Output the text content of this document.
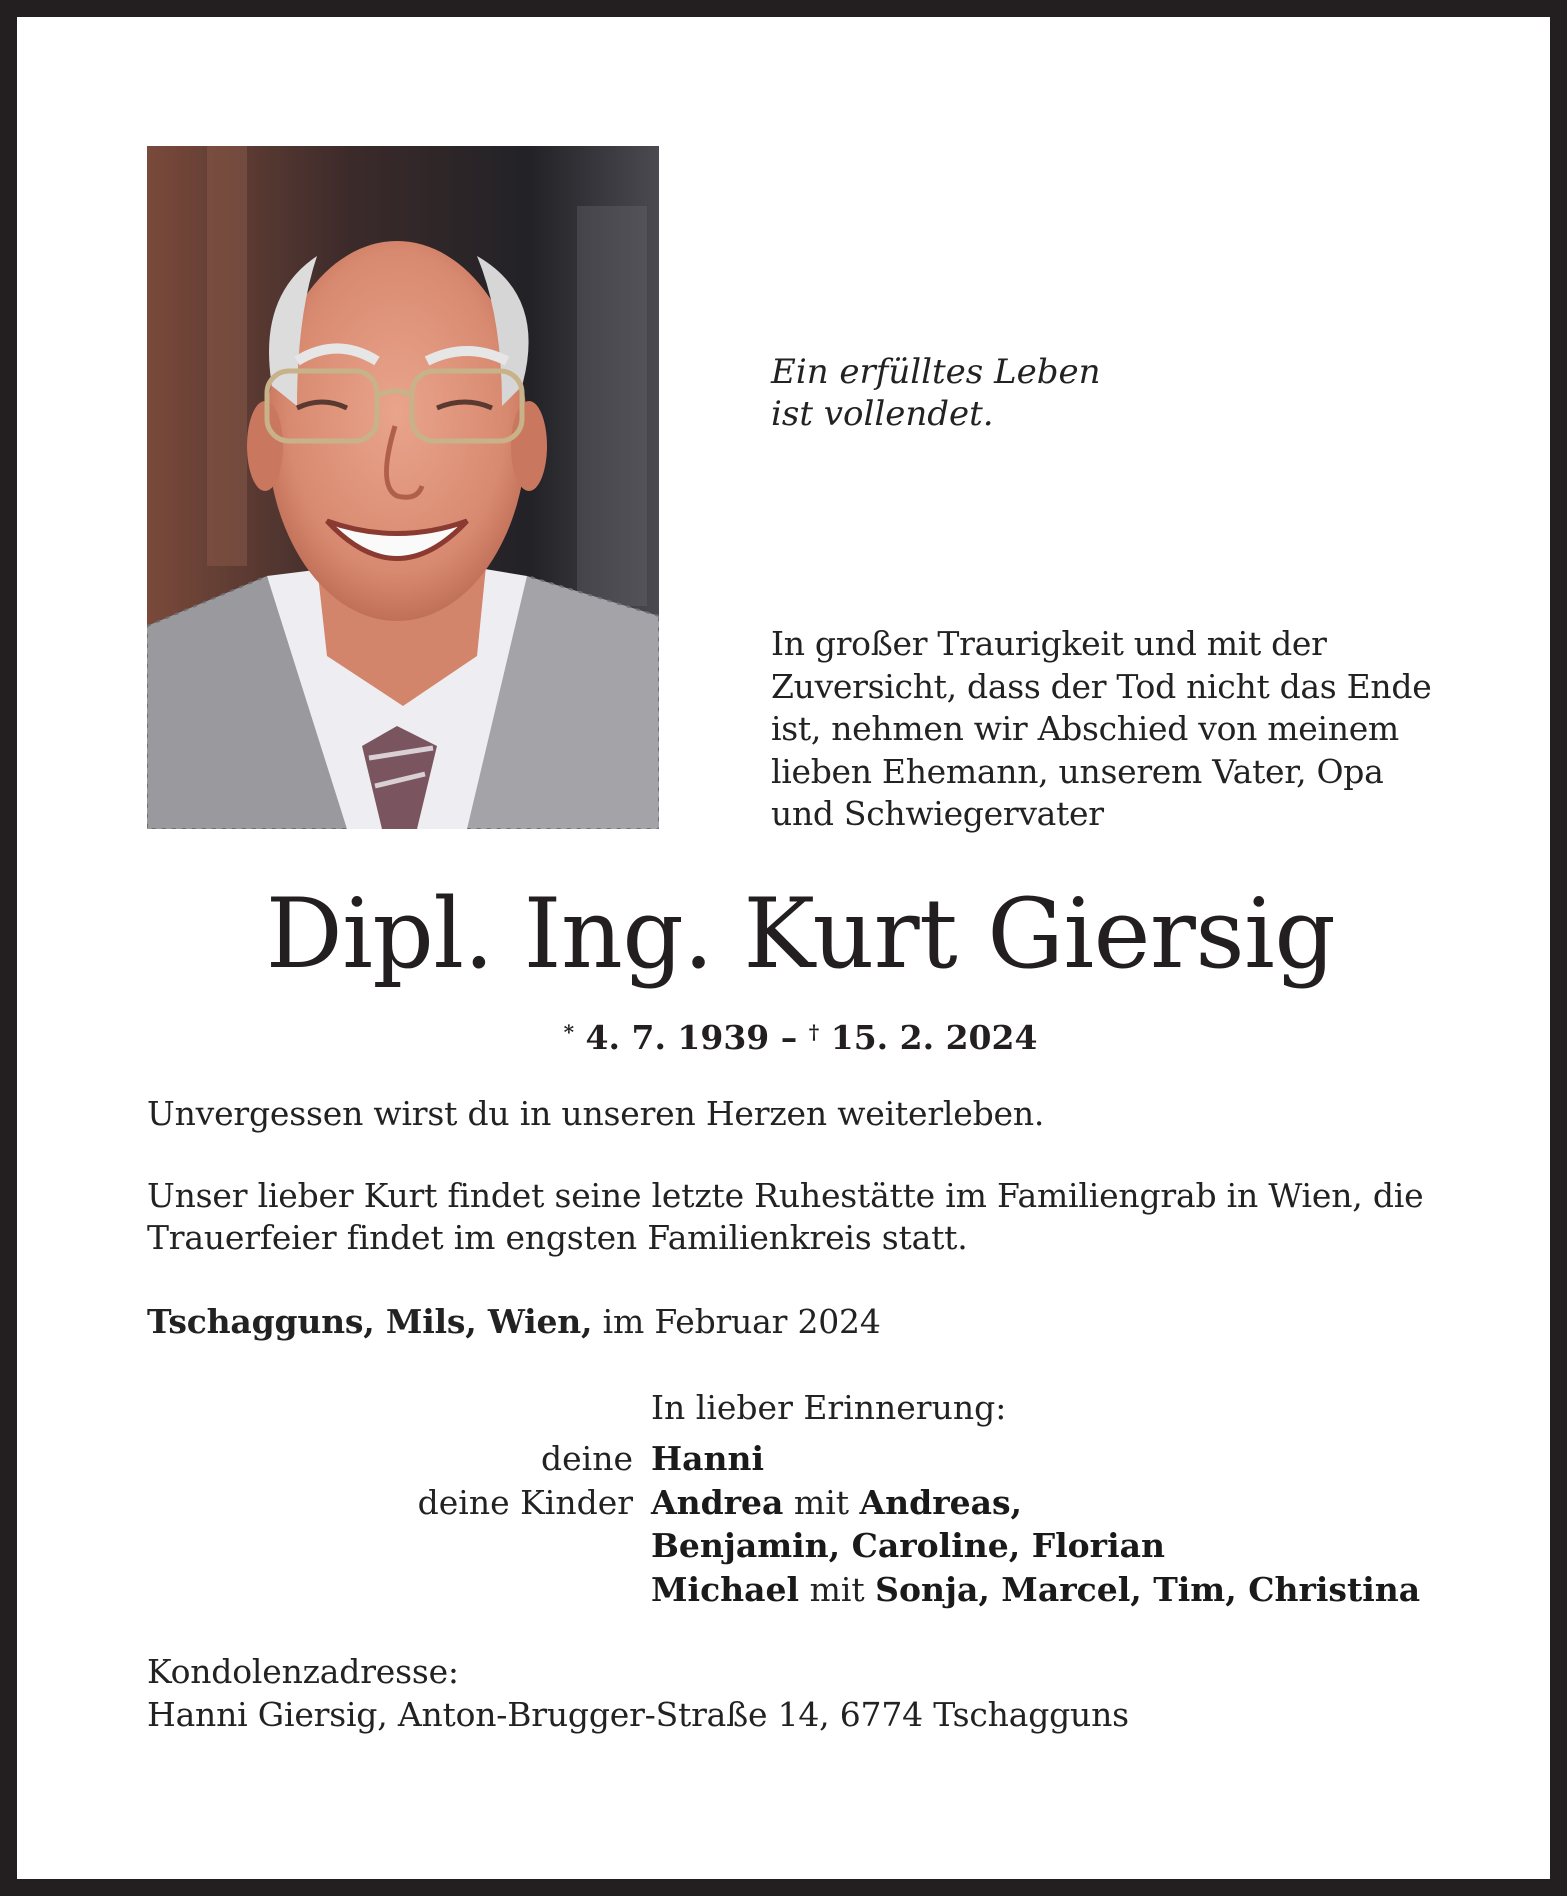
Ein erfülltes Leben
ist vollendet.
In großer Traurigkeit und mit der
Zuversicht, dass der Tod nicht das Ende
ist, nehmen wir Abschied von meinem
lieben Ehemann, unserem Vater, Opa
und Schwiegervater
Dipl. Ing. Kurt Giersig
* 4. 7. 1939 – † 15. 2. 2024
Unvergessen wirst du in unseren Herzen weiterleben.
Unser lieber Kurt findet seine letzte Ruhestätte im Familiengrab in Wien, die
Trauerfeier findet im engsten Familienkreis statt.
Tschagguns, Mils, Wien, im Februar 2024
In lieber Erinnerung:
deine Hanni
deine Kinder Andrea mit Andreas,
Benjamin, Caroline, Florian
Michael mit Sonja, Marcel, Tim, Christina
Kondolenzadresse:
Hanni Giersig, Anton-Brugger-Straße 14, 6774 Tschagguns
